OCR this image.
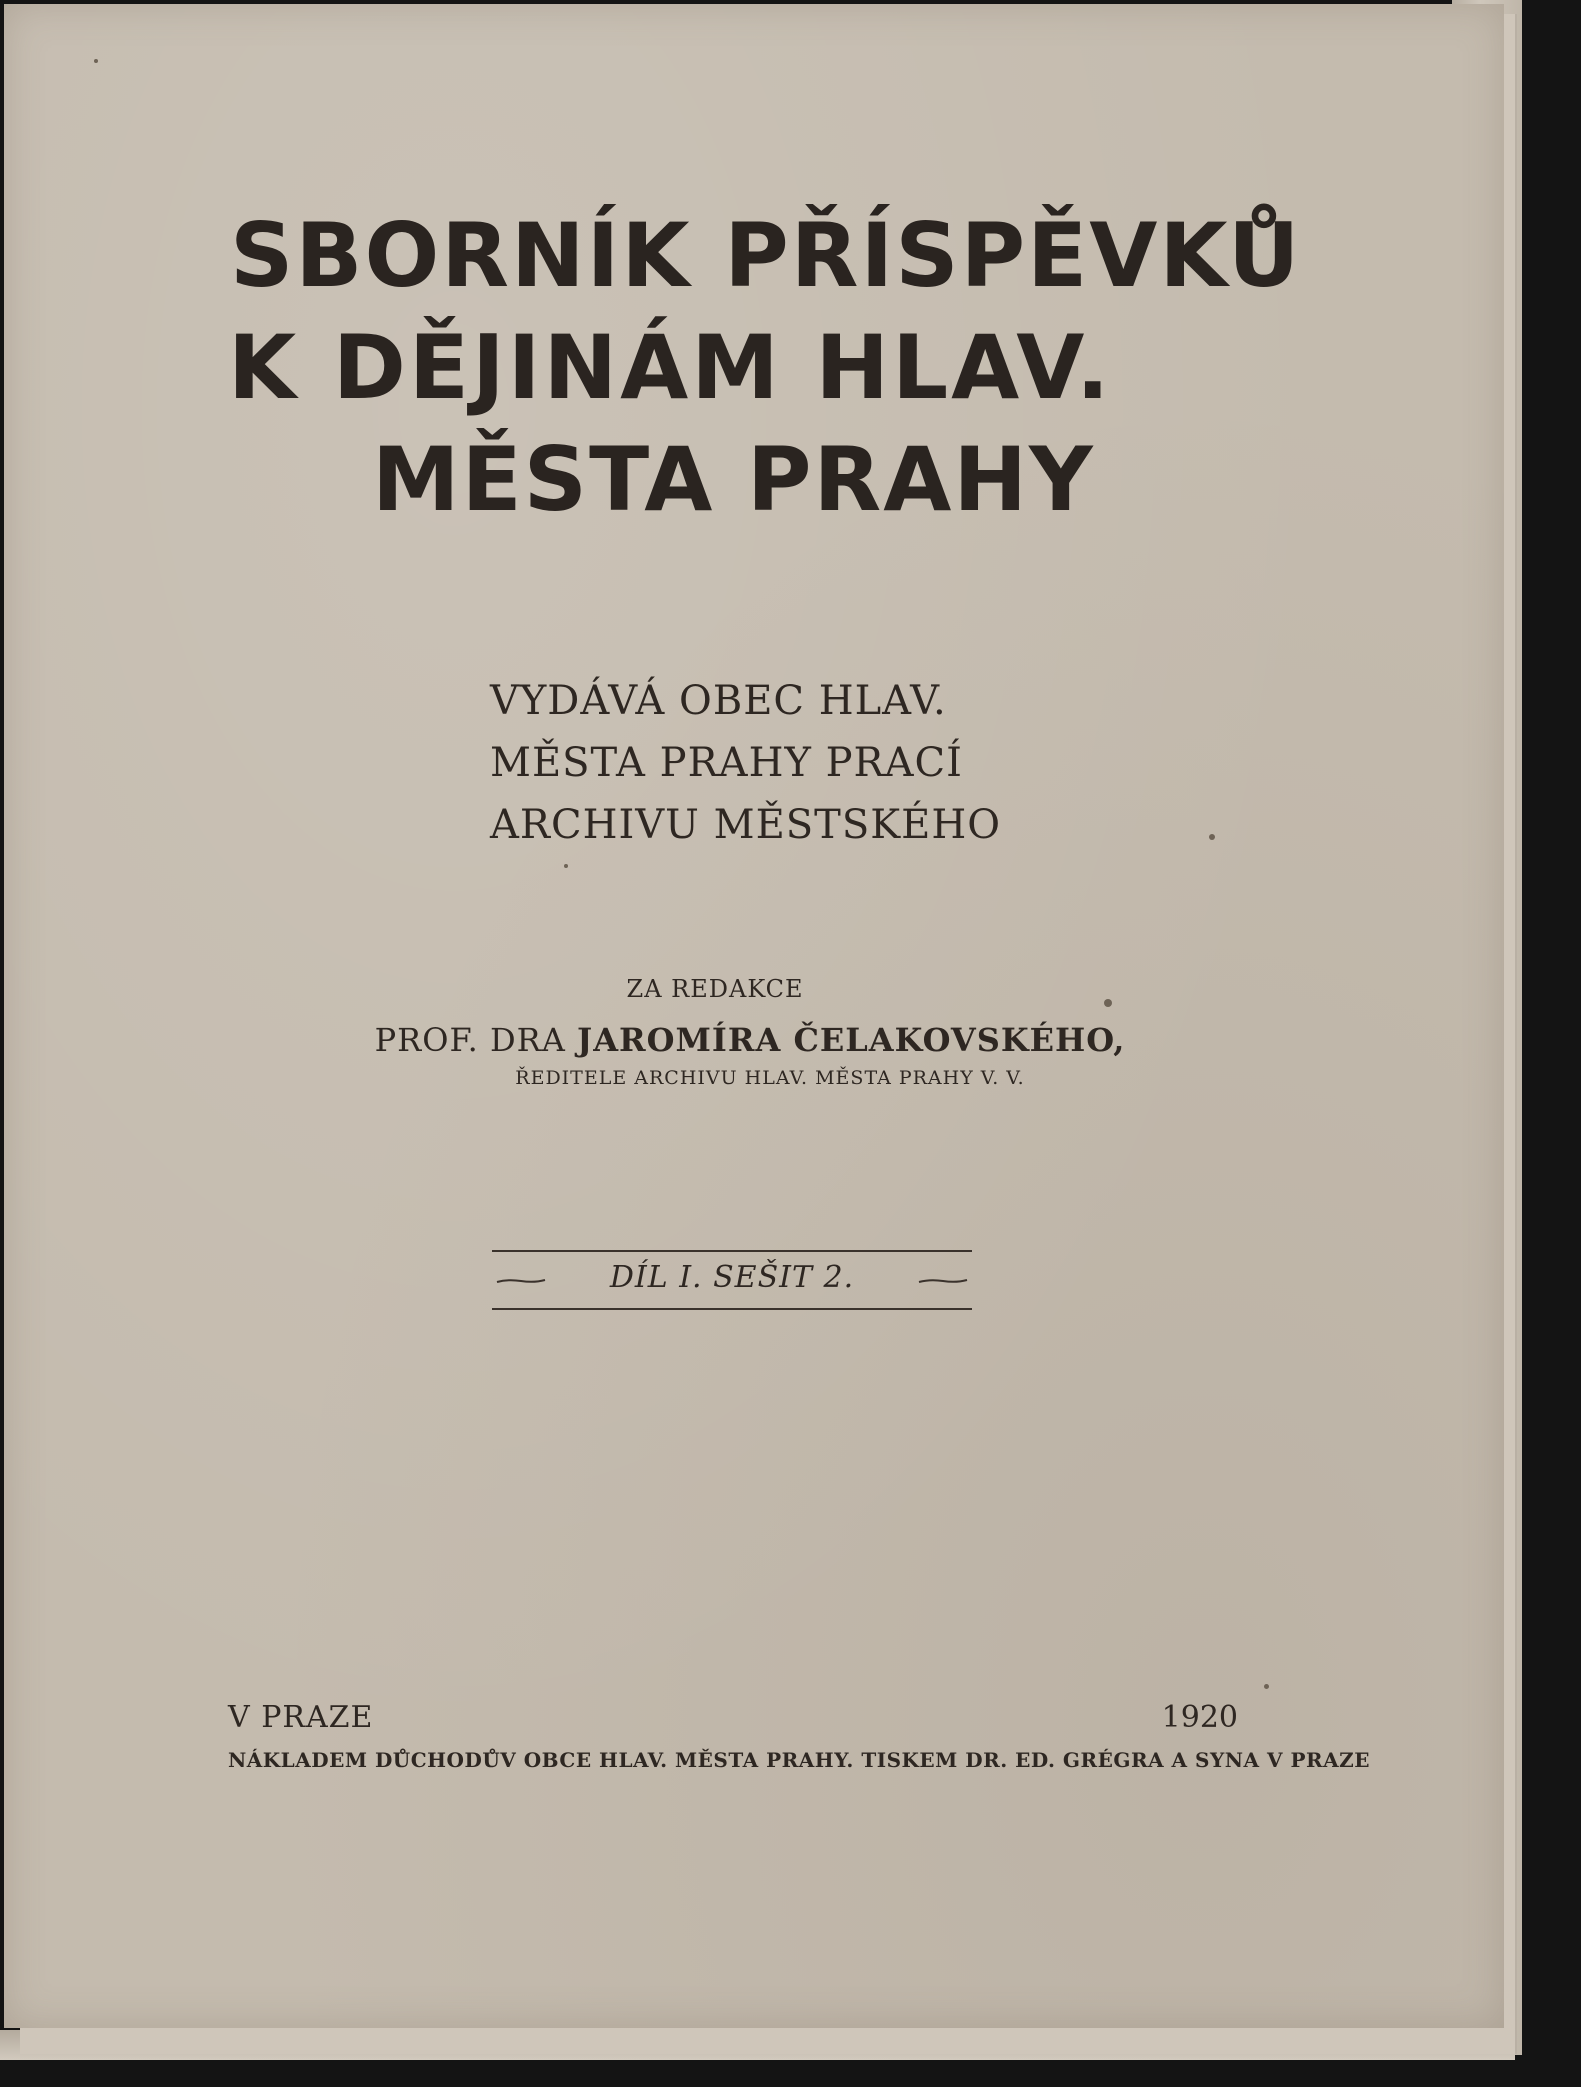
SBORNÍK PŘÍSPĚVKŮ
K DĚJINÁM HLAV.
MĚSTA PRAHY
VYDÁVÁ OBEC HLAV.
MĚSTA PRAHY PRACÍ
ARCHIVU MĚSTSKÉHO
ZA REDAKCE
PROF. DRA JAROMÍRA ČELAKOVSKÉHO,
ŘEDITELE ARCHIVU HLAV. MĚSTA PRAHY V. V.
DÍL I. SEŠIT 2.
V PRAZE	1920
NÁKLADEM DŮCHODŮV OBCE HLAV. MĚSTA PRAHY. TISKEM DR. ED. GRÉGRA A SYNA V PRAZE
